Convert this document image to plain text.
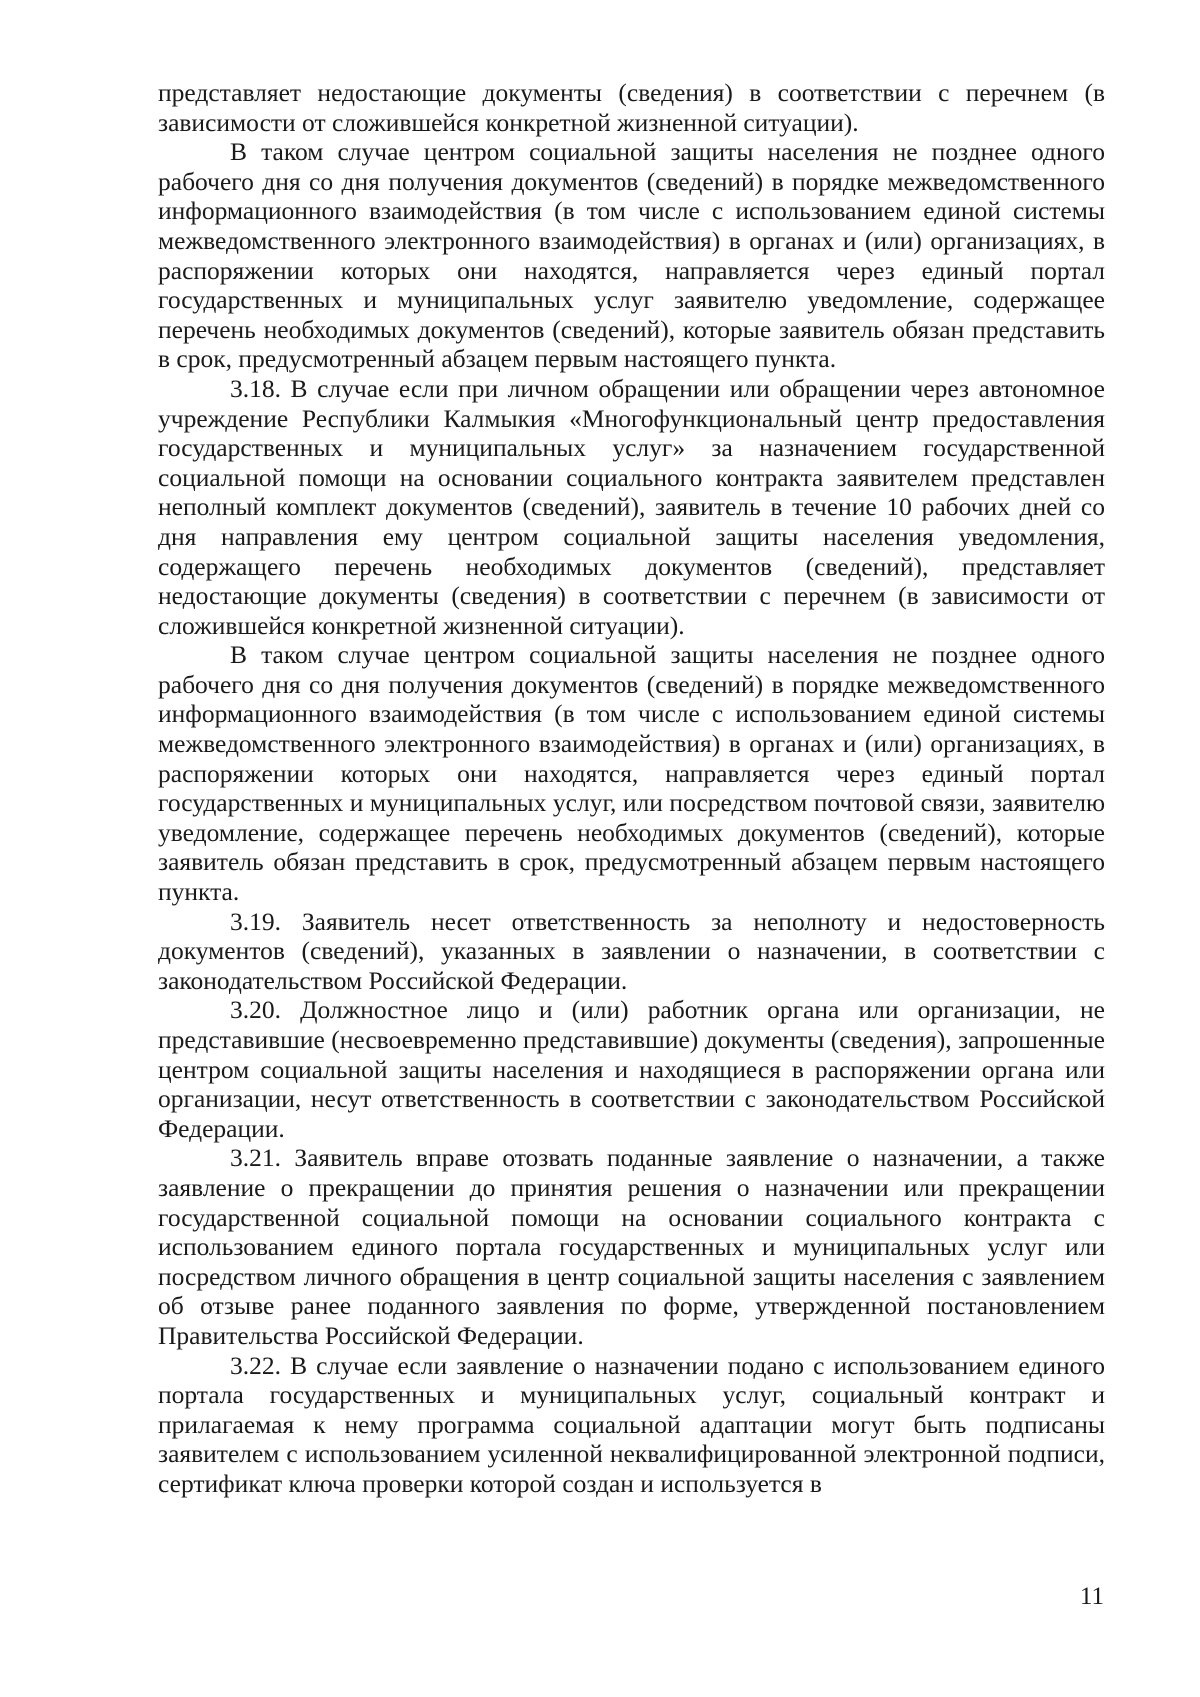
представляет недостающие документы (сведения) в соответствии с перечнем (в зависимости от сложившейся конкретной жизненной ситуации).

В таком случае центром социальной защиты населения не позднее одного рабочего дня со дня получения документов (сведений) в порядке межведомственного информационного взаимодействия (в том числе с использованием единой системы межведомственного электронного взаимодействия) в органах и (или) организациях, в распоряжении которых они находятся, направляется через единый портал государственных и муниципальных услуг заявителю уведомление, содержащее перечень необходимых документов (сведений), которые заявитель обязан представить в срок, предусмотренный абзацем первым настоящего пункта.

3.18. В случае если при личном обращении или обращении через автономное учреждение Республики Калмыкия «Многофункциональный центр предоставления государственных и муниципальных услуг» за назначением государственной социальной помощи на основании социального контракта заявителем представлен неполный комплект документов (сведений), заявитель в течение 10 рабочих дней со дня направления ему центром социальной защиты населения уведомления, содержащего перечень необходимых документов (сведений), представляет недостающие документы (сведения) в соответствии с перечнем (в зависимости от сложившейся конкретной жизненной ситуации).

В таком случае центром социальной защиты населения не позднее одного рабочего дня со дня получения документов (сведений) в порядке межведомственного информационного взаимодействия (в том числе с использованием единой системы межведомственного электронного взаимодействия) в органах и (или) организациях, в распоряжении которых они находятся, направляется через единый портал государственных и муниципальных услуг, или посредством почтовой связи, заявителю уведомление, содержащее перечень необходимых документов (сведений), которые заявитель обязан представить в срок, предусмотренный абзацем первым настоящего пункта.

3.19. Заявитель несет ответственность за неполноту и недостоверность документов (сведений), указанных в заявлении о назначении, в соответствии с законодательством Российской Федерации.

3.20. Должностное лицо и (или) работник органа или организации, не представившие (несвоевременно представившие) документы (сведения), запрошенные центром социальной защиты населения и находящиеся в распоряжении органа или организации, несут ответственность в соответствии с законодательством Российской Федерации.

3.21. Заявитель вправе отозвать поданные заявление о назначении, а также заявление о прекращении до принятия решения о назначении или прекращении государственной социальной помощи на основании социального контракта с использованием единого портала государственных и муниципальных услуг или посредством личного обращения в центр социальной защиты населения с заявлением об отзыве ранее поданного заявления по форме, утвержденной постановлением Правительства Российской Федерации.

3.22. В случае если заявление о назначении подано с использованием единого портала государственных и муниципальных услуг, социальный контракт и прилагаемая к нему программа социальной адаптации могут быть подписаны заявителем с использованием усиленной неквалифицированной электронной подписи, сертификат ключа проверки которой создан и используется в

11
